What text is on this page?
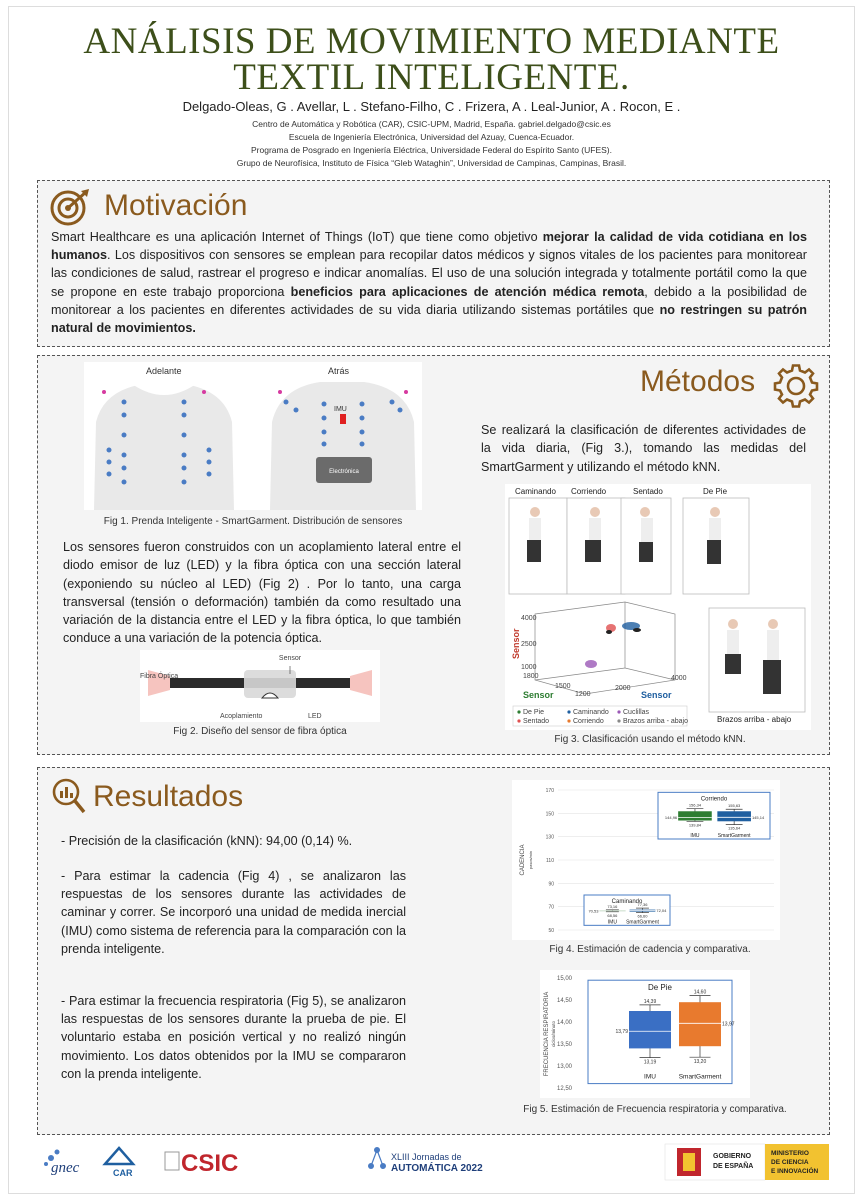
ANÁLISIS DE MOVIMIENTO MEDIANTE
TEXTIL INTELIGENTE.
Delgado-Oleas, G . Avellar, L . Stefano-Filho, C . Frizera, A . Leal-Junior, A . Rocon, E .
Centro de Automática y Robótica (CAR), CSIC-UPM, Madrid, España. gabriel.delgado@csic.es
Escuela de Ingeniería Electrónica, Universidad del Azuay, Cuenca-Ecuador.
Programa de Posgrado en Ingeniería Eléctrica, Universidade Federal do Espírito Santo (UFES).
Grupo de Neurofísica, Instituto de Física “Gleb Wataghin”, Universidad de Campinas, Campinas, Brasil.
Motivación
Smart Healthcare es una aplicación Internet of Things (IoT) que tiene como objetivo mejorar la calidad de vida cotidiana en los humanos. Los dispositivos con sensores se emplean para recopilar datos médicos y signos vitales de los pacientes para monitorear las condiciones de salud, rastrear el progreso e indicar anomalías. El uso de una solución integrada y totalmente portátil como la que se propone en este trabajo proporciona beneficios para aplicaciones de atención médica remota, debido a la posibilidad de monitorear a los pacientes en diferentes actividades de su vida diaria utilizando sistemas portátiles que no restringen su patrón natural de movimientos.
Métodos
Adelante	Atrás
IMU
Electrónica
Fig 1. Prenda Inteligente - SmartGarment. Distribución de sensores
Los sensores fueron construidos con un acoplamiento lateral entre el diodo emisor de luz (LED) y la fibra óptica con una sección lateral (exponiendo su núcleo al LED) (Fig 2) . Por lo tanto, una carga transversal (tensión o deformación) también da como resultado una variación de la distancia entre el LED y la fibra óptica, lo que también conduce a una variación de la potencia óptica.
Sensor
Fibra Óptica
Acoplamiento	LED
Fig 2. Diseño del sensor de fibra óptica
Se realizará la clasificación de diferentes actividades de la vida diaria, (Fig 3.), tomando las medidas del SmartGarment y utilizando el método kNN.
Caminando Corriendo	Sentado	De Pie
Brazos arriba - abajo
Sensor
Sensor	Sensor
4000
2500
1000
1800
1500
1200
2000
4000
De Pie	Caminando Cuclillas
Sentado	Corriendo	Brazos arriba - abajo
Fig 3. Clasificación usando el método kNN.
Resultados
- Precisión de la clasificación (kNN): 94,00 (0,14) %.
- Para estimar la cadencia (Fig 4) , se analizaron las respuestas de los sensores durante las actividades de caminar y correr. Se incorporó una unidad de medida inercial (IMU) como sistema de referencia para la comparación con la prenda inteligente.
- Para estimar la frecuencia respiratoria (Fig 5), se analizaron las respuestas de los sensores durante la prueba de pie. El voluntario estaba en posición vertical y no realizó ningún movimiento. Los datos obtenidos por la IMU se compararon con la prenda inteligente.
170
150
130
110
90
70
50
CADENCIA pasos/min
Corriendo
156,34
139,84
144,96
IMU
155,63
135,64
145,14
SmartGarment
Caminando
73,16
68,56
70,53
IMU
77,36
66,60
72,04
SmartGarment
Fig 4. Estimación de cadencia y comparativa.
15,00
14,50
14,00
13,50
13,00
12,50
FRECUENCIA RESPIRATORIA ciclos/minuto
De Pie
14,39
13,19
13,79
IMU
14,60
13,20
13,97
SmartGarment
Fig 5. Estimación de Frecuencia respiratoria y comparativa.
gnec	CAR CSIC	XLIII Jornadas de
AUTOMÁTICA 2022
GOBIERNO
DE ESPAÑA
MINISTERIO
DE CIENCIA
E INNOVACIÓN
